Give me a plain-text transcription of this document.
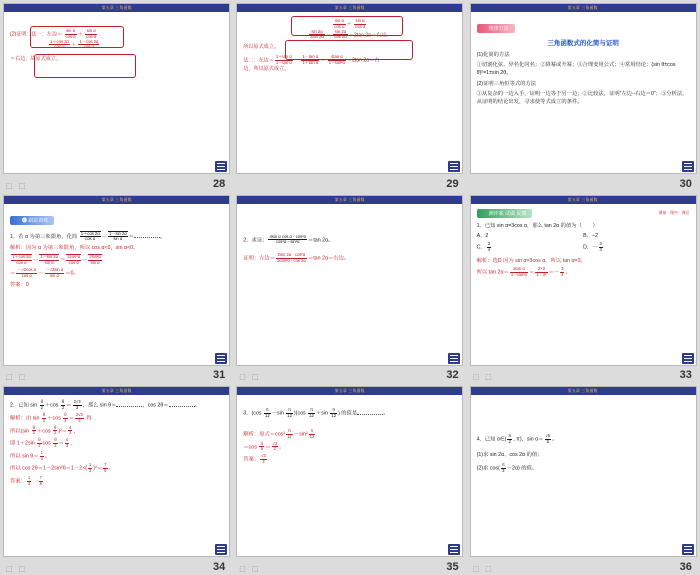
第五章 三角函数
(2)证明：法一：左边＝ $\frac{\text{sin α}}{\text{cos α}} + \frac{\text{sin α}}{\text{cos α}}$
$\frac{1+\cos 2\alpha}{\text{cos α}} + \frac{1-\cos 2\alpha}{\text{cos α}}$
＝右边，故原式成立。
28
⬚ ⬚
第五章 三角函数
$\frac{\text{sin α}}{\text{cos α}} + \frac{\text{sin α}}{\text{cos α}}$
$\frac{\sin 2\alpha}{2\sin 2\alpha} = \frac{\sin 2\alpha}{\cos 2\alpha} =2\tan$ 2α＝右边。
所以原式成立。
法二：左边＝ $\frac{\text{1＋tan α}}{\text{1－tan α}} - \frac{\text{1－tan α}}{\text{1＋tan α}} = \frac{\text{4tan α}}{\text{1－tan²α}} =2\tan$ 2α＝右
边，所以原式成立。
29
第五章 三角函数
规律方法
三角函数式的化简与证明
(1)化简的方法
①切割化弦，异名化同名；②降幂或升幂；③合理变用公式；④常用结论：(sin θ±cos θ)²=1±sin 2θ。
(2)证明三角恒等式的方法
①从复杂的一边入手，证明一边等于另一边；②比较法，证明“左边−右边＝0”；③分析法，从证明的结论出发，寻求使等式成立的条件。
30
第五章 三角函数
❻ 跟踪训练
1．若 α 为第三象限角，化简 $\frac{1+\cos 2\alpha}{\text{cos α}} - \frac{1-\sin 2\alpha}{\text{sin α}}$ ＝	。
解析：因为 α 为第三象限角，所以 cos α<0，sin α<0。
$\frac{1+\cos 2\alpha}{\text{cos α}} - \frac{1-\sin 2\alpha}{\text{sin α}} = \frac{\text{2cos²α}}{\text{cos α}} - \frac{\text{2sin²α}}{\text{sin α}}$
＝ $\frac{\text{－√2cos α}}{\text{cos α}} - \frac{\text{－√2sin α}}{\text{sin α}} =0$。
答案：0
31
⬚ ⬚
第五章 三角函数
2．求证： $\frac{\text{4sin α cos α · cos²α}}{\text{cos²α－sin²α}} =\tan$ 2α。
证明：左边＝ $\frac{\text{2sin 2α · cos²α}}{\text{2cos²α · cos 2α}} =\tan$ 2α＝右边。
32
⬚ ⬚
第五章 三角函数
测评案 试做 反馈	课前 · 课中 · 课后
1．已知 sin α=3cos α，那么 tan 2α 的值为（　　）
A．2	B．−2
C． $\frac{3}{4}$	D．－ $\frac{3}{4}$
解析：选D 因为 sin α=3cos α，所以 tan α=3。
所以 $\tan 2\alpha= \frac{\text{2tan α}}{\text{1－tan²α}} = \frac{2\times 3}{\text{1－3²}} =- \frac{3}{4}$ 。
33
⬚ ⬚
第五章 三角函数
2．已知 $\sin \frac{\theta}{2} +\cos \frac{\theta}{2} = \frac{2√3}{3}$ ，那么 sin θ＝	，cos 2θ＝	。
解析：由 $\sin \frac{\theta}{2} +\cos \frac{\theta}{2} = \frac{2√3}{3}$ 得
所以$(\sin \frac{\theta}{2} +\cos \frac{\theta}{2} )^2= \frac{4}{3}$ ，
即 $1+2\sin \frac{\theta}{2}$ $\cos \frac{\theta}{2} = \frac{4}{3}$ ，
所以 $\sin \theta= \frac{1}{3}$ 。
所以 $\cos 2\theta=1-2\sin^2\theta=1-2\times( \frac{1}{3} )^2= \frac{7}{9}$ 。
答案： $\frac{1}{3}$
　 $\frac{7}{9}$
34
⬚ ⬚
第五章 三角函数
3．$(\cos \frac{\pi}{12} -\sin \frac{\pi}{12} )(\cos \frac{\pi}{12} +\sin \frac{\pi}{12}$ ) 的值是	。
解析：原式$=\cos^2 \frac{\pi}{12} -\sin^2 \frac{\pi}{12}$
$=\cos \frac{\pi}{6} = \frac{√3}{2}$ 。
答案： $\frac{√3}{2}$
35
⬚ ⬚
第五章 三角函数
4．已知 α∈( $\frac{\pi}{2}$ , π)，$\sin \alpha= \frac{√5}{5}$ 。
(1)求 sin 2α、cos 2α 的值；
(2)求 $\cos( \frac{\pi}{3} -2\alpha)$ 的值。
36
⬚ ⬚
